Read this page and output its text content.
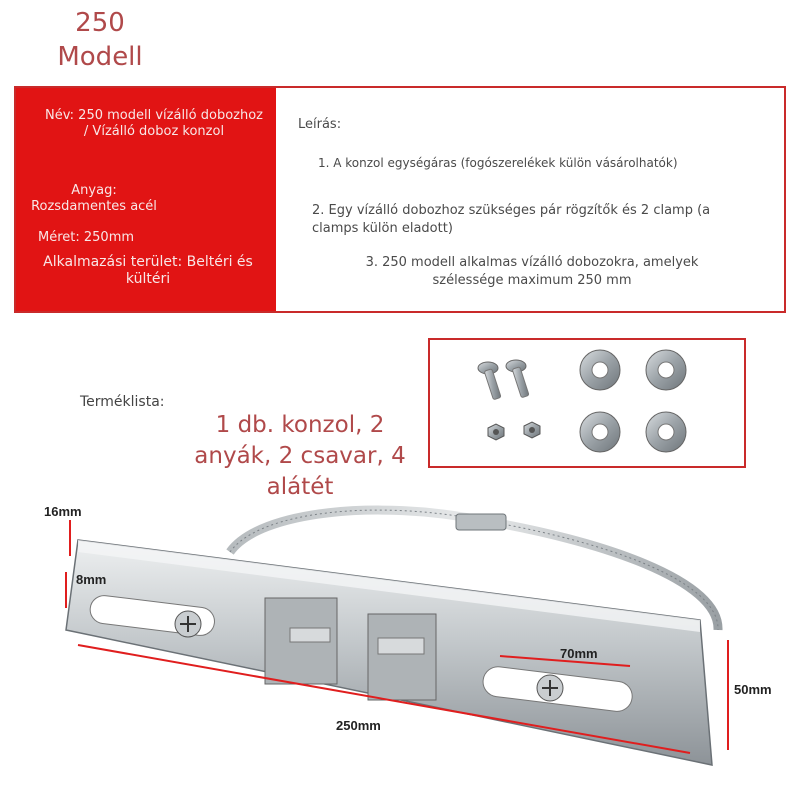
250
Modell
Név: 250 modell vízálló dobozhoz / Vízálló doboz konzol
Anyag: Rozsdamentes acél
Méret: 250mm
Alkalmazási terület: Beltéri és kültéri
Leírás:
1. A konzol egységáras (fogószerelékek külön vásárolhatók)
2. Egy vízálló dobozhoz szükséges pár rögzítők és 2 clamp (a clamps külön eladott)
3. 250 modell alkalmas vízálló dobozokra, amelyek szélessége maximum 250 mm
Terméklista:
1 db. konzol, 2 anyák, 2 csavar, 4 alátét
16mm
8mm
70mm
50mm
250mm
